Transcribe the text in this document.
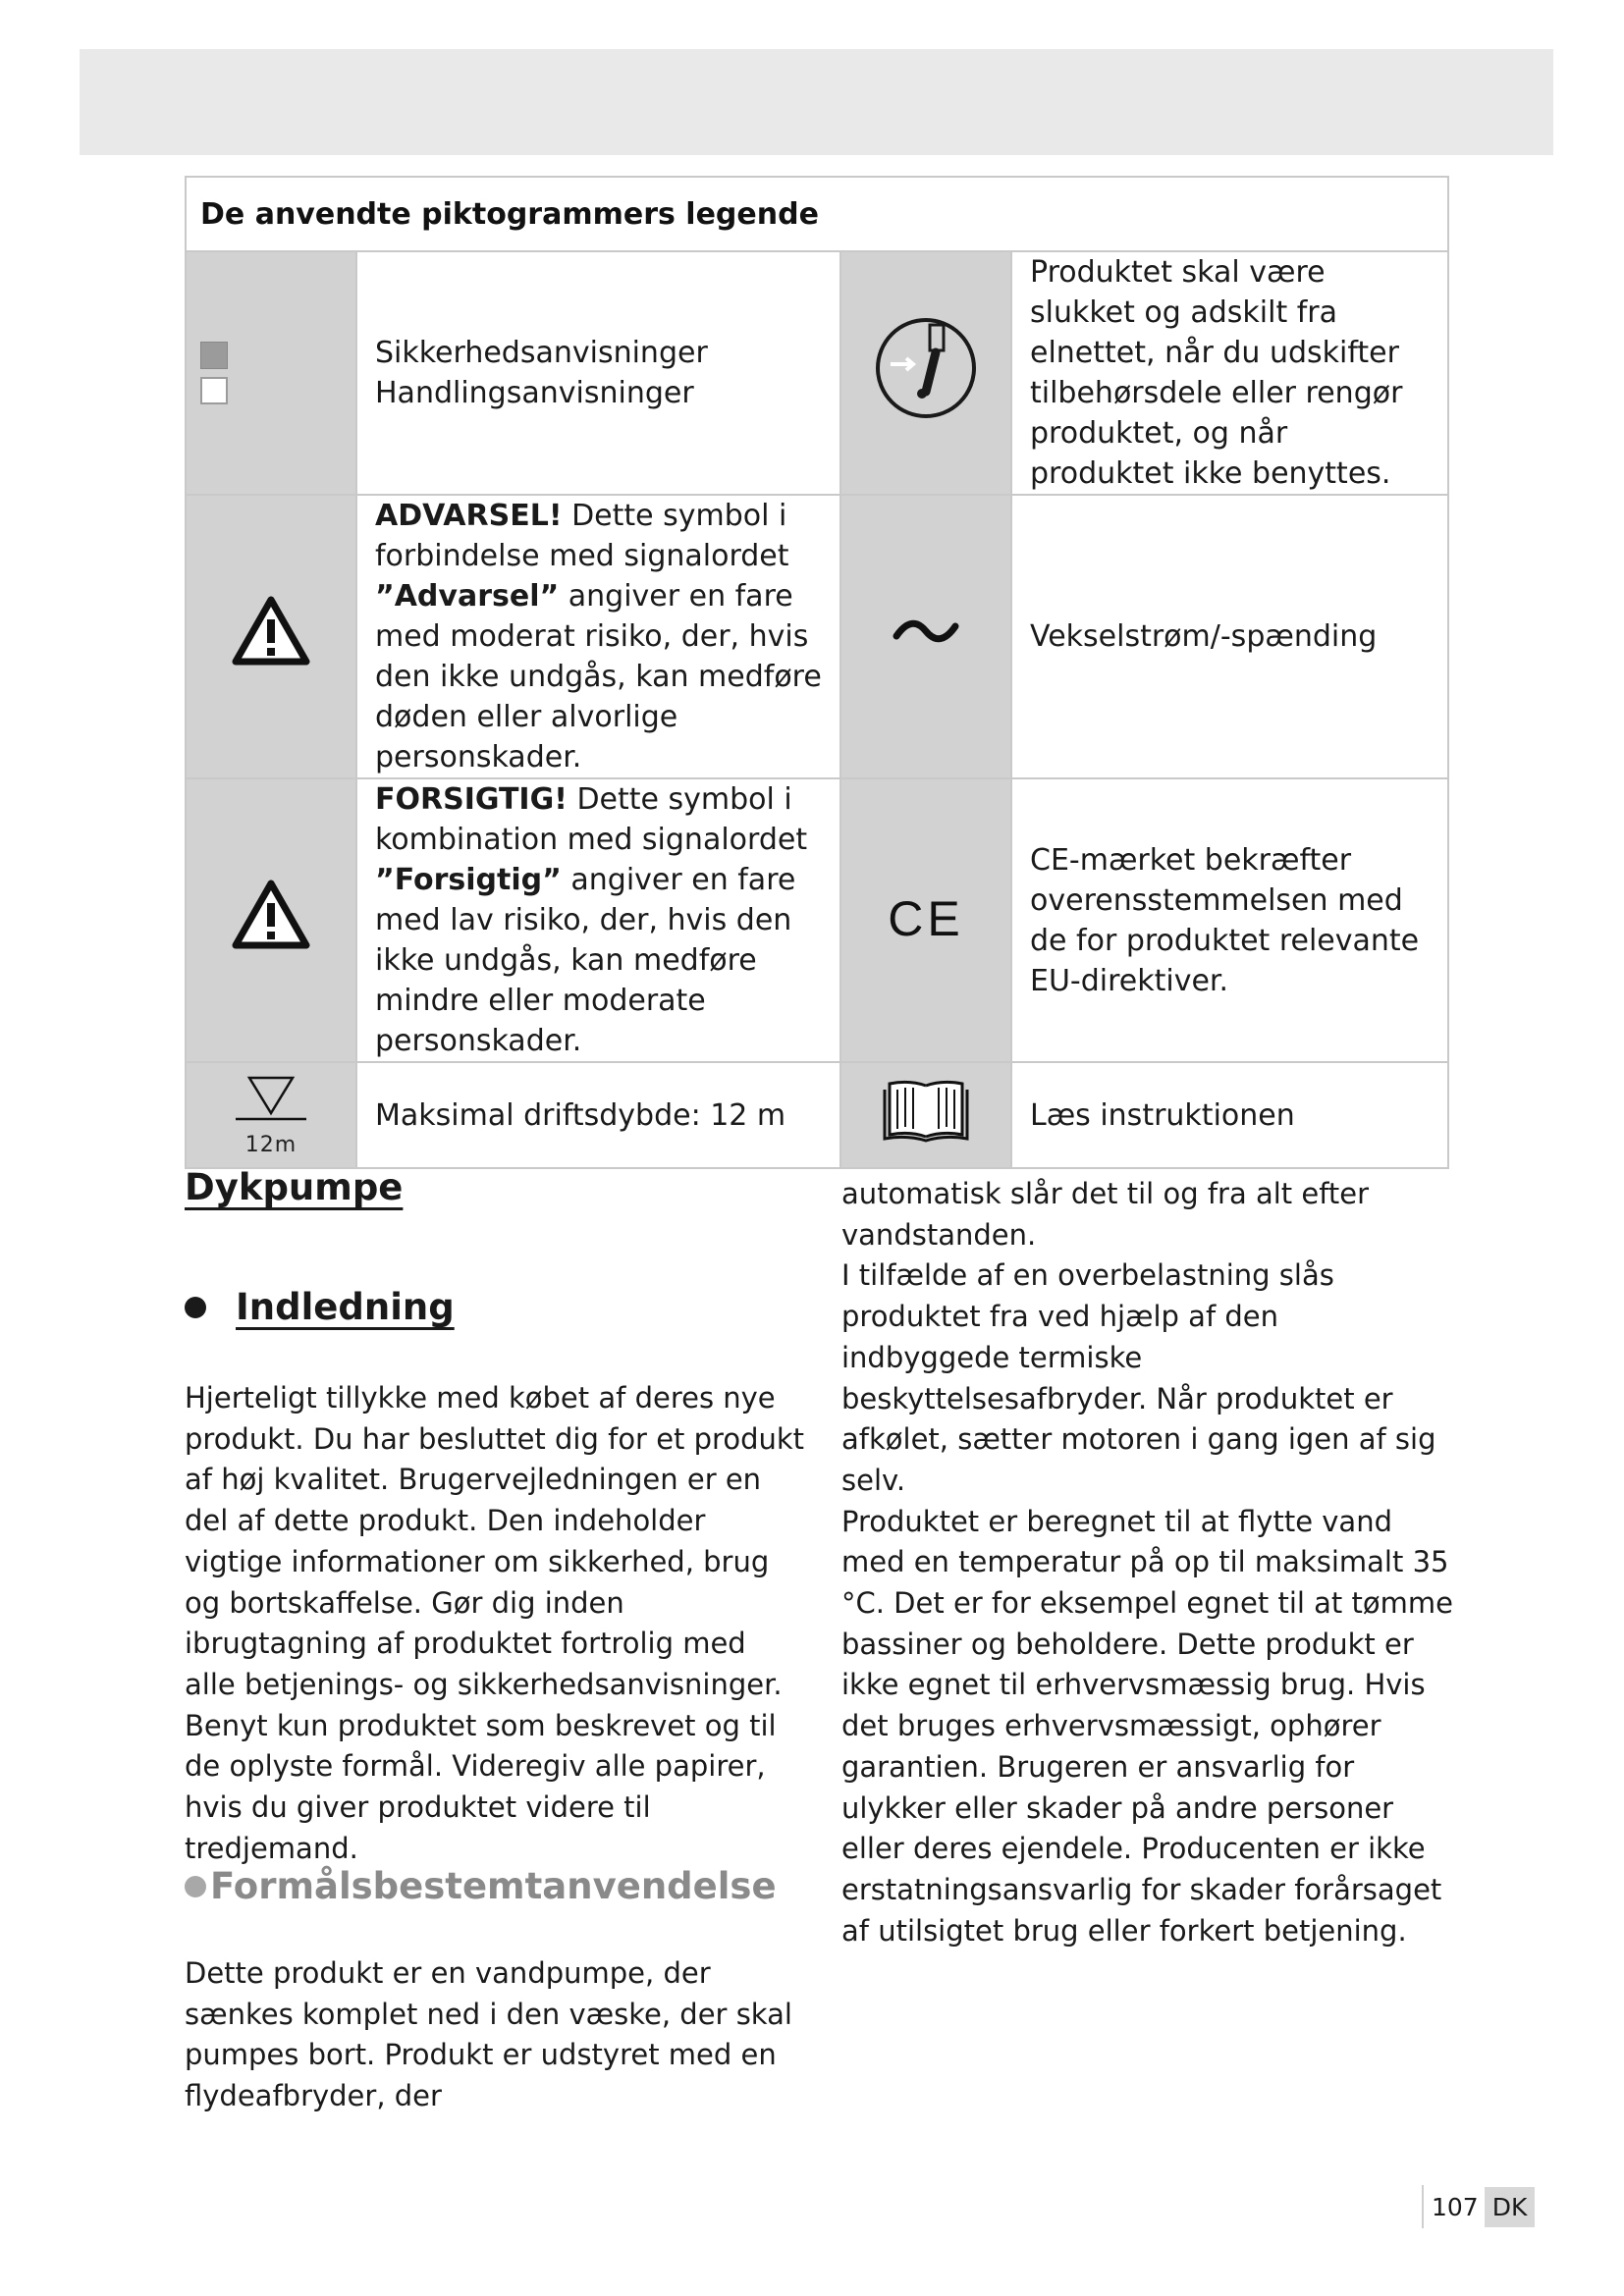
De anvendte piktogrammers legende			

	Sikkerhedsanvisninger
Handlingsanvisninger		Produktet skal være slukket og adskilt fra elnettet, når du udskifter tilbehørsdele eller rengør produktet, og når produktet ikke benyttes.
	ADVARSEL! Dette symbol i forbindelse med signalordet ”Advarsel” angiver en fare med moderat risiko, der, hvis den ikke undgås, kan medføre døden eller alvorlige personskader.		Vekselstrøm/-spænding
	FORSIGTIG! Dette symbol i kombination med signalordet ”Forsigtig” angiver en fare med lav risiko, der, hvis den ikke undgås, kan medføre mindre eller moderate personskader.	CE	CE-mærket bekræfter overensstemmelsen med de for produktet relevante EU-direktiver.

12m	Maksimal driftsdybde: 12 m		Læs instruktionen
Dykpumpe
Indledning

Hjerteligt tillykke med købet af deres nye produkt. Du har besluttet dig for et produkt af høj kvalitet. Brugervejledningen er en del af dette produkt. Den indeholder vigtige informationer om sikkerhed, brug og bortskaffelse. Gør dig inden ibrugtagning af produktet fortrolig med alle betjenings- og sikkerhedsanvisninger. Benyt kun produktet som beskrevet og til de oplyste formål. Videregiv alle papirer, hvis du giver produktet videre til tredjemand.

Formålsbestemtanvendelse

Dette produkt er en vandpumpe, der sænkes komplet ned i den væske, der skal pumpes bort. Produkt er udstyret med en flydeafbryder, der

automatisk slår det til og fra alt efter vandstanden.
I tilfælde af en overbelastning slås produktet fra ved hjælp af den indbyggede termiske beskyttelsesafbryder. Når produktet er afkølet, sætter motoren i gang igen af sig selv.
Produktet er beregnet til at flytte vand med en temperatur på op til maksimalt 35 °C. Det er for eksempel egnet til at tømme bassiner og beholdere. Dette produkt er ikke egnet til erhvervsmæssig brug. Hvis det bruges erhvervsmæssigt, ophører garantien. Brugeren er ansvarlig for ulykker eller skader på andre personer eller deres ejendele. Producenten er ikke erstatningsansvarlig for skader forårsaget af utilsigtet brug eller forkert betjening.
107 DK
